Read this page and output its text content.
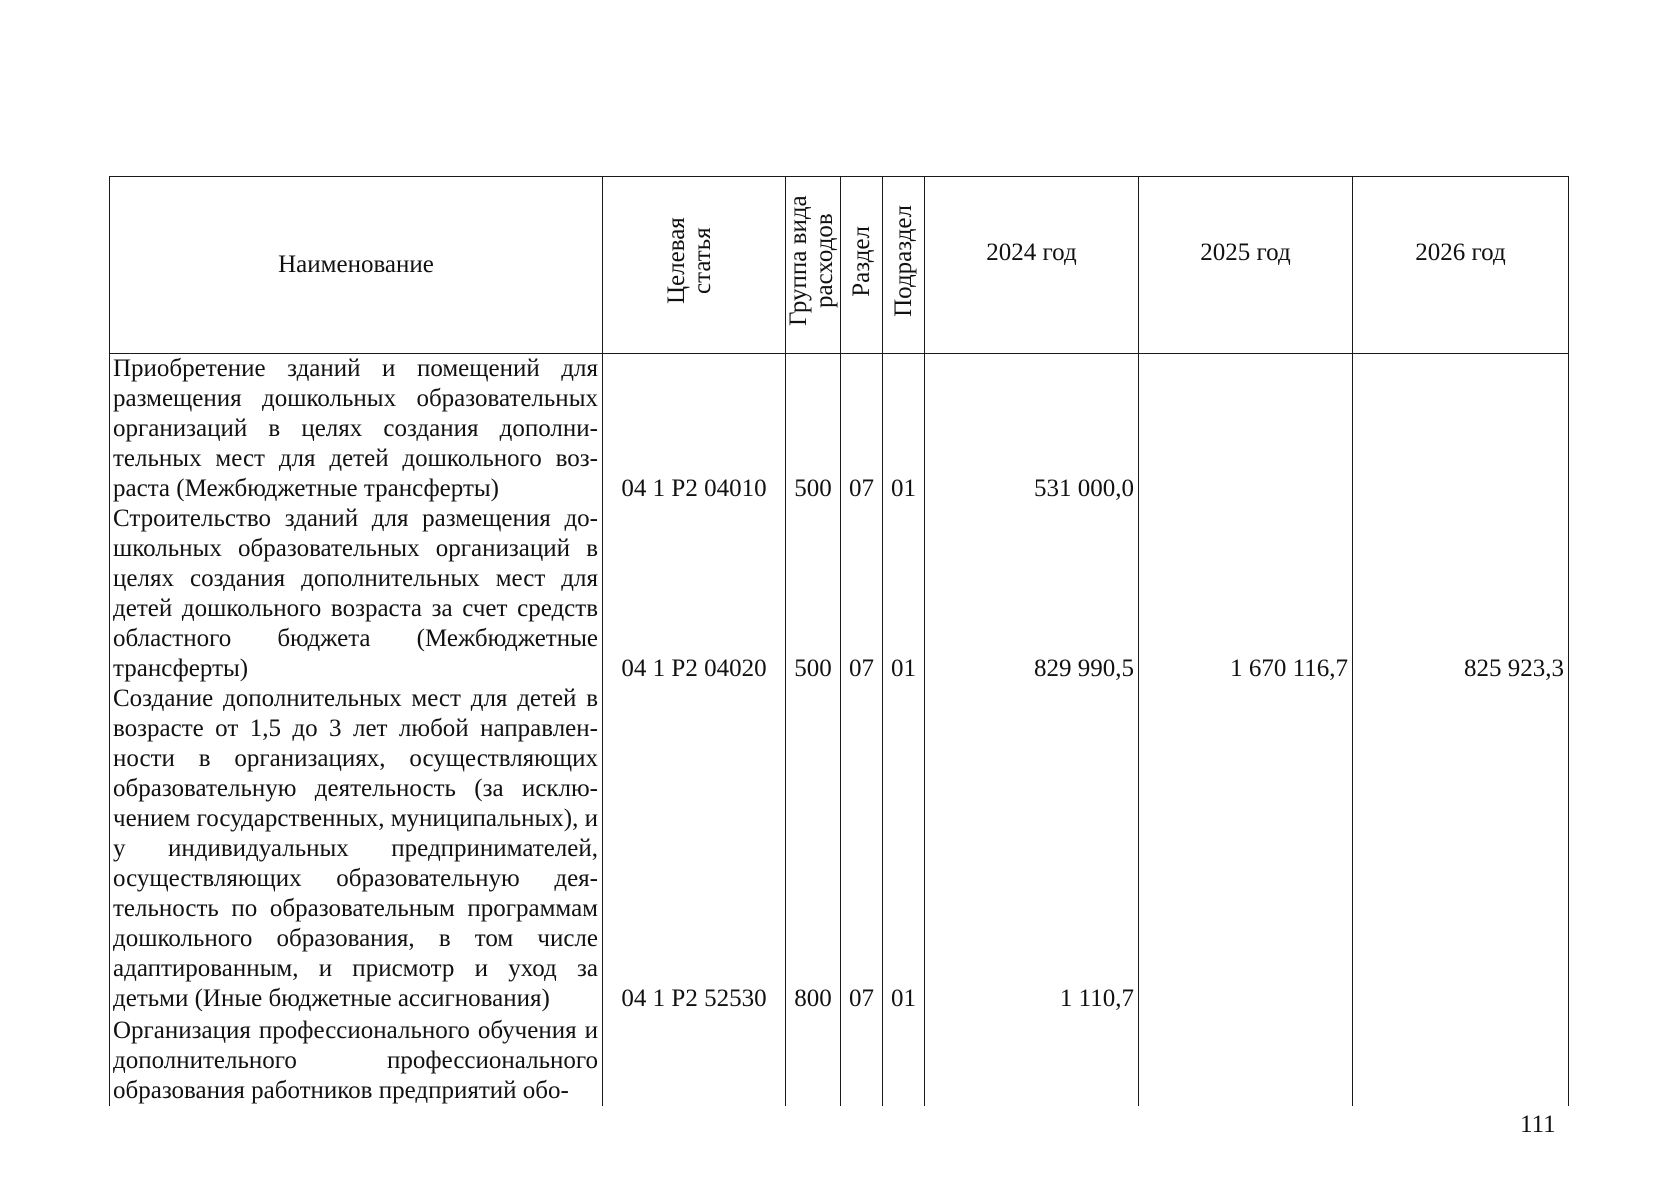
Наименование	Целевая статья	Группа вида расходов	Раздел	Подраздел	2024 год	2025 год	2026 год
Приобретение зданий и помещений для размещения дошкольных образовательных организаций в целях создания дополнительных мест для детей дошкольного возраста (Межбюджетные трансферты)	04 1 P2 04010	500	07	01	531 000,0		
Строительство зданий для размещения дошкольных образовательных организаций в целях создания дополнительных мест для детей дошкольного возраста за счет средств областного бюджета (Межбюджетные трансферты)	04 1 P2 04020	500	07	01	829 990,5	1 670 116,7	825 923,3
Создание дополнительных мест для детей в возрасте от 1,5 до 3 лет любой направленности в организациях, осуществляющих образовательную деятельность (за исключением государственных, муниципальных), и у индивидуальных предпринимателей, осуществляющих образовательную деятельность по образовательным программам дошкольного образования, в том числе адаптированным, и присмотр и уход за детьми (Иные бюджетные ассигнования)	04 1 P2 52530	800	07	01	1 110,7		
Организация профессионального обучения и дополнительного профессионального образования работников предприятий обо-							
111
